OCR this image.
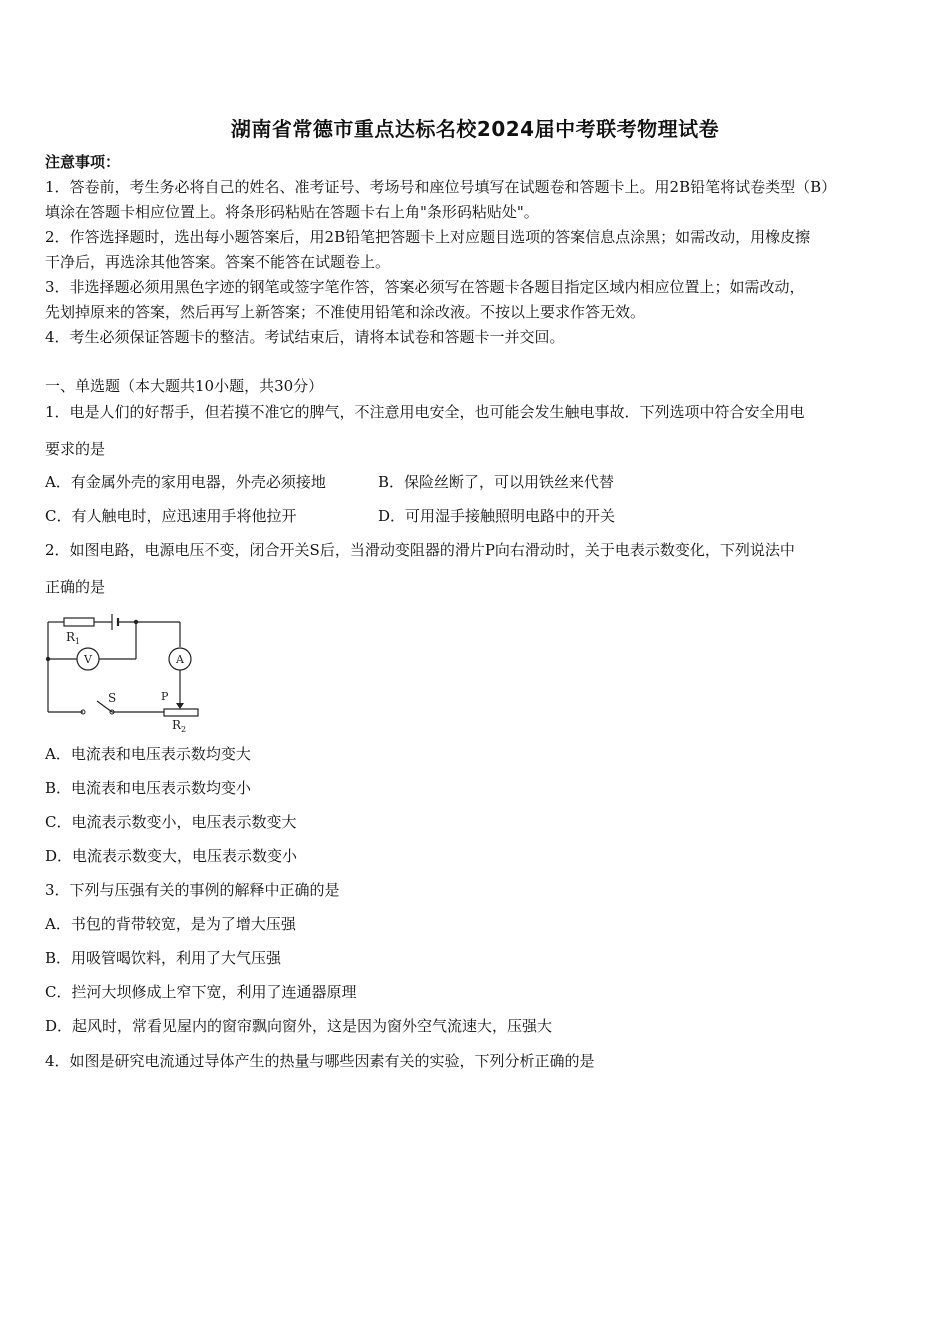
湖南省常德市重点达标名校2024届中考联考物理试卷
注意事项：
1．答卷前，考生务必将自己的姓名、准考证号、考场号和座位号填写在试题卷和答题卡上。用2B铅笔将试卷类型（B）
填涂在答题卡相应位置上。将条形码粘贴在答题卡右上角"条形码粘贴处"。
2．作答选择题时，选出每小题答案后，用2B铅笔把答题卡上对应题目选项的答案信息点涂黑；如需改动，用橡皮擦
干净后，再选涂其他答案。答案不能答在试题卷上。
3．非选择题必须用黑色字迹的钢笔或签字笔作答，答案必须写在答题卡各题目指定区域内相应位置上；如需改动，
先划掉原来的答案，然后再写上新答案；不准使用铅笔和涂改液。不按以上要求作答无效。
4．考生必须保证答题卡的整洁。考试结束后，请将本试卷和答题卡一并交回。
一、单选题（本大题共10小题，共30分）
1．电是人们的好帮手，但若摸不准它的脾气，不注意用电安全，也可能会发生触电事故．下列选项中符合安全用电
要求的是
A．有金属外壳的家用电器，外壳必须接地	B．保险丝断了，可以用铁丝来代替
C．有人触电时，应迅速用手将他拉开	D．可用湿手接触照明电路中的开关
2．如图电路，电源电压不变，闭合开关S后，当滑动变阻器的滑片P向右滑动时，关于电表示数变化，下列说法中
正确的是
$R_1$
V	A
S	P
$R_2$
A．电流表和电压表示数均变大
B．电流表和电压表示数均变小
C．电流表示数变小，电压表示数变大
D．电流表示数变大，电压表示数变小
3．下列与压强有关的事例的解释中正确的是
A．书包的背带较宽，是为了增大压强
B．用吸管喝饮料，利用了大气压强
C．拦河大坝修成上窄下宽，利用了连通器原理
D．起风时，常看见屋内的窗帘飘向窗外，这是因为窗外空气流速大，压强大
4．如图是研究电流通过导体产生的热量与哪些因素有关的实验，下列分析正确的是
